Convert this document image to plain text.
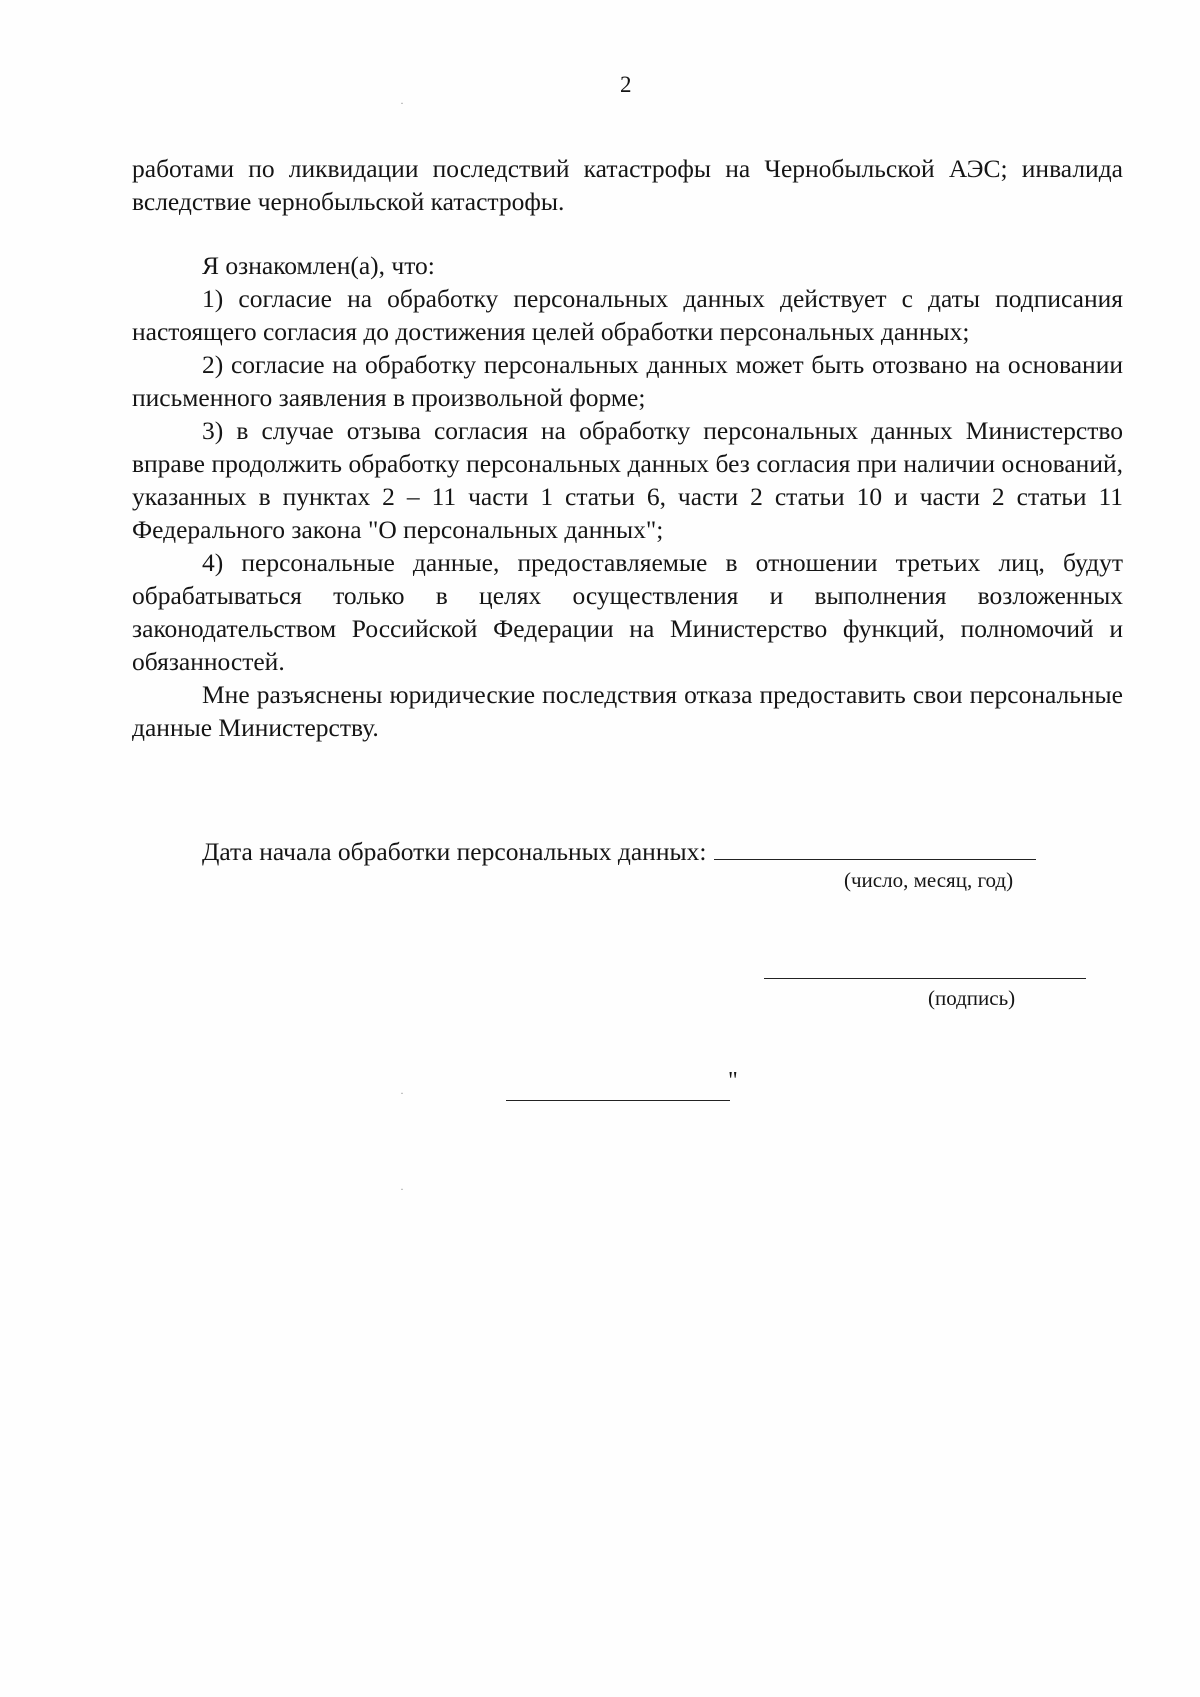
2

работами по ликвидации последствий катастрофы на Чернобыльской АЭС; инвалида вследствие чернобыльской катастрофы.

Я ознакомлен(а), что:

1) согласие на обработку персональных данных действует с даты подписания настоящего согласия до достижения целей обработки персональных данных;

2) согласие на обработку персональных данных может быть отозвано на основании письменного заявления в произвольной форме;

3) в случае отзыва согласия на обработку персональных данных Министерство вправе продолжить обработку персональных данных без согласия при наличии оснований, указанных в пунктах 2 – 11 части 1 статьи 6, части 2 статьи 10 и части 2 статьи 11 Федерального закона "О персональных данных";

4) персональные данные, предоставляемые в отношении третьих лиц, будут обрабатываться только в целях осуществления и выполнения возложенных законодательством Российской Федерации на Министерство функций, полномочий и обязанностей.

Мне разъяснены юридические последствия отказа предоставить свои персональные данные Министерству.

Дата начала обработки персональных данных:
(число, месяц, год)
(подпись)
"
·
·
·
